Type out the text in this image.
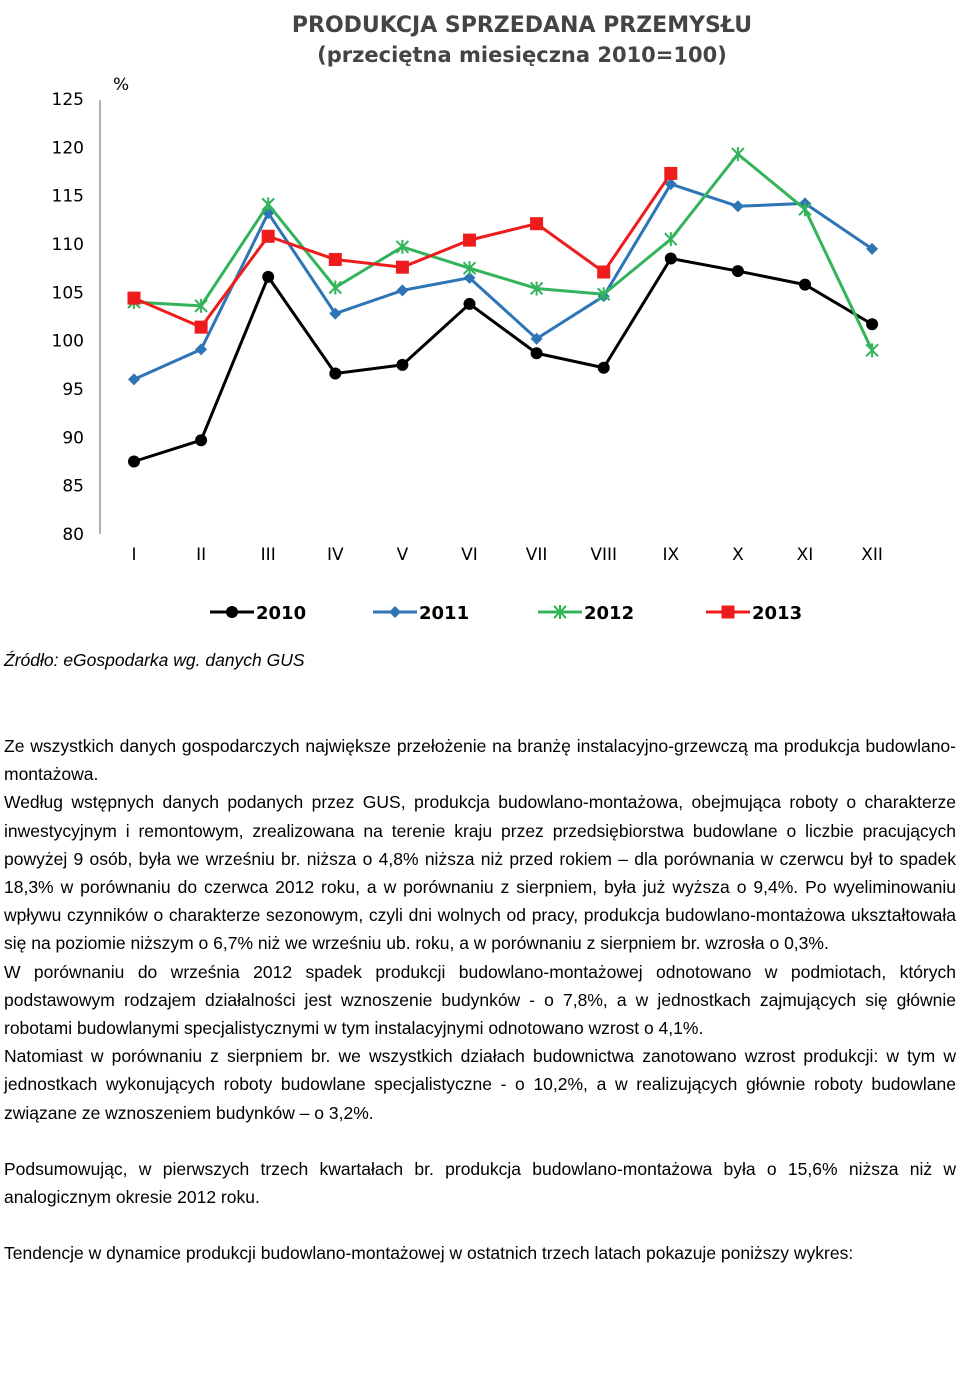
PRODUKCJA SPRZEDANA PRZEMYSŁU
(przeciętna miesięczna 2010=100)
%
80
85
90
95
100
105
110
115
120
125
I	II	III	IV	V	VI	VII	VIII	IX	X	XI	XII
2010	2011	2012	2013

Źródło: eGospodarka wg. danych GUS

Ze wszystkich danych gospodarczych największe przełożenie na branżę instalacyjno-grzewczą ma produkcja budowlano-montażowa.

Według wstępnych danych podanych przez GUS, produkcja budowlano-montażowa, obejmująca roboty o charakterze inwestycyjnym i remontowym, zrealizowana na terenie kraju przez przedsiębiorstwa budowlane o liczbie pracujących powyżej 9 osób, była we wrześniu br. niższa o 4,8% niższa niż przed rokiem – dla porównania w czerwcu był to spadek 18,3% w porównaniu do czerwca 2012 roku, a w porównaniu z sierpniem, była już wyższa o 9,4%. Po wyeliminowaniu wpływu czynników o charakterze sezonowym, czyli dni wolnych od pracy, produkcja budowlano-montażowa ukształtowała się na poziomie niższym o 6,7% niż we wrześniu ub. roku, a w porównaniu z sierpniem br. wzrosła o 0,3%.

W porównaniu do września 2012 spadek produkcji budowlano-montażowej odnotowano w podmiotach, których podstawowym rodzajem działalności jest wznoszenie budynków - o 7,8%, a w jednostkach zajmujących się głównie robotami budowlanymi specjalistycznymi w tym instalacyjnymi odnotowano wzrost o 4,1%.

Natomiast w porównaniu z sierpniem br. we wszystkich działach budownictwa zanotowano wzrost produkcji: w tym w jednostkach wykonujących roboty budowlane specjalistyczne - o 10,2%, a w realizujących głównie roboty budowlane związane ze wznoszeniem budynków – o 3,2%.

Podsumowując, w pierwszych trzech kwartałach br. produkcja budowlano-montażowa była o 15,6% niższa niż w analogicznym okresie 2012 roku.

Tendencje w dynamice produkcji budowlano-montażowej w ostatnich trzech latach pokazuje poniższy wykres:
